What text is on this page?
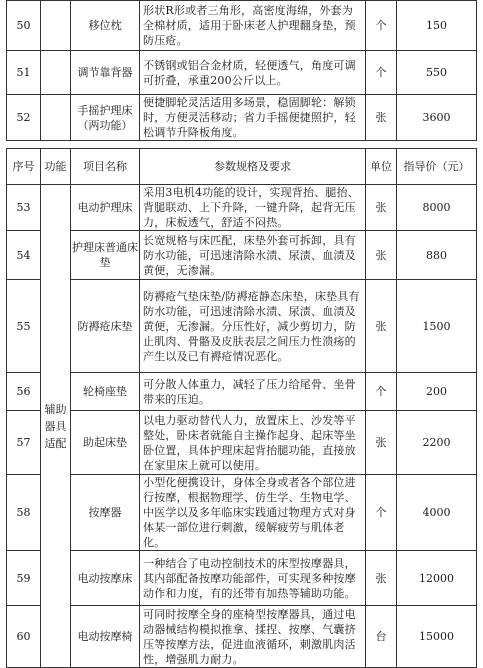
50		移位枕	形状R形或者三角形，高密度海绵，外套为全棉材质，适用于卧床老人护理翻身垫，预防压疮。	个	150
51		调节靠背器	不锈钢或铝合金材质，轻便透气，角度可调可折叠，承重200公斤以上。	个	550
52		手摇护理床（两功能）	便捷脚轮灵活适用多场景，稳固脚轮：解锁时，方便灵活移动；省力手摇便捷照护，轻松调节升降板角度。	张	3600
序号	功能	项目名称	参数规格及要求	单位	指导价（元）
53	辅助器具适配	电动护理床	采用3电机4功能的设计，实现背抬、腿抬、背腿联动、上下升降，一键升降，起背无压力，床板透气，舒适不闷热。	张	8000
54		护理床普通床垫	长宽规格与床匹配，床垫外套可拆卸，具有防水功能，可迅速清除水渍、尿渍、血渍及黄便，无渗漏。	张	880
55		防褥疮床垫	防褥疮气垫床垫/防褥疮静态床垫，床垫具有防水功能，可迅速清除水渍、尿渍、血渍及黄便，无渗漏。分压性好，减少剪切力，防止肌肉、骨骼及皮肤表层之间压力性溃疡的产生以及已有褥疮情况恶化。	张	1500
56		轮椅座垫	可分散人体重力，减轻了压力给尾骨、坐骨带来的压迫。	个	200
57		助起床垫	以电力驱动替代人力，放置床上、沙发等平整处，卧床者就能自主操作起身、起床等坐卧位置，具体护理床起背抬腿功能，直接放在家里床上就可以使用。	张	2200
58		按摩器	小型化便携设计，身体全身或者各个部位进行按摩，根据物理学、仿生学、生物电学、中医学以及多年临床实践通过物理方式对身体某一部位进行刺激，缓解疲劳与肌体老化。	个	4000
59		电动按摩床	一种结合了电动控制技术的床型按摩器具，其内部配备按摩功能部件，可实现多种按摩动作和力度，有的还带有加热等辅助功能。	张	12000
60		电动按摩椅	可同时按摩全身的座椅型按摩器具，通过电动器械结构模拟推拿、揉捏、按摩、气囊挤压等按摩方法，促进血液循环，刺激肌肉活性，增强肌力耐力。	台	15000
